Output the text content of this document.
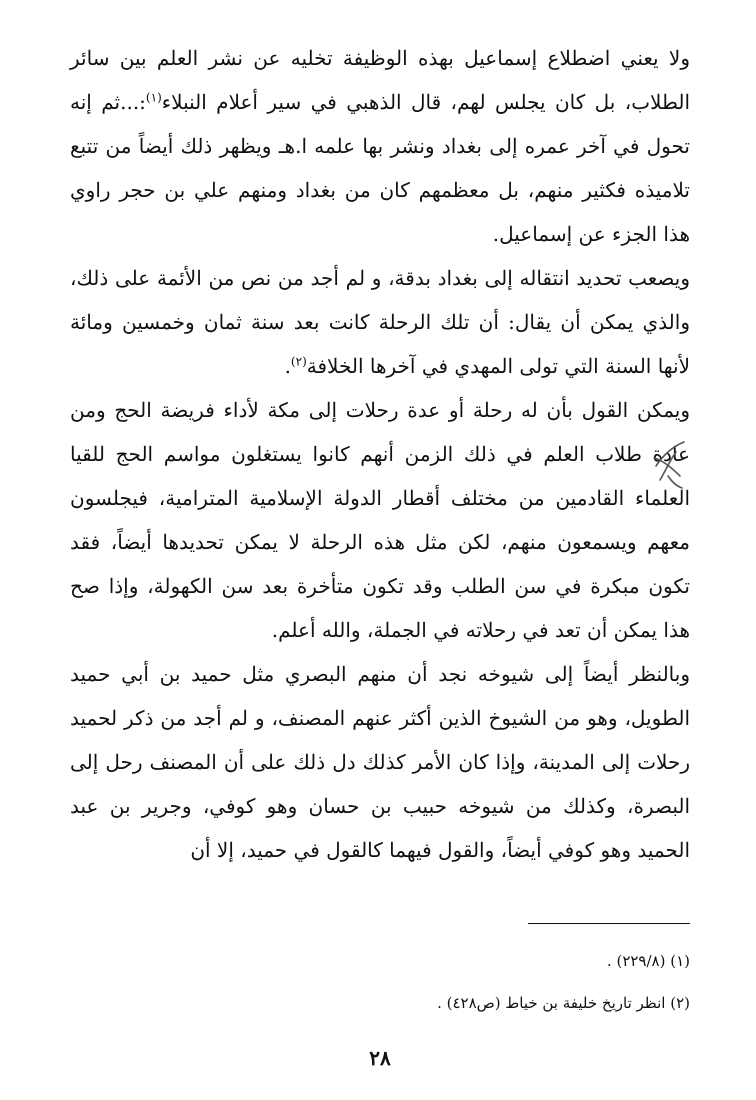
ولا يعني اضطلاع إسماعيل بهذه الوظيفة تخليه عن نشر العلم بين سائر الطلاب، بل كان يجلس لهم، قال الذهبي في سير أعلام النبلاء$^{(١)}$:...ثم إنه تحول في آخر عمره إلى بغداد ونشر بها علمه ا.هـ ويظهر ذلك أيضاً من تتبع تلاميذه فكثير منهم، بل معظمهم كان من بغداد ومنهم علي بن حجر راوي هذا الجزء عن إسماعيل.

ويصعب تحديد انتقاله إلى بغداد بدقة، و لم أجد من نص من الأئمة على ذلك، والذي يمكن أن يقال: أن تلك الرحلة كانت بعد سنة ثمان وخمسين ومائة لأنها السنة التي تولى المهدي في آخرها الخلافة$^{(٢)}$.

ويمكن القول بأن له رحلة أو عدة رحلات إلى مكة لأداء فريضة الحج ومن عادة طلاب العلم في ذلك الزمن أنهم كانوا يستغلون مواسم الحج للقيا العلماء القادمين من مختلف أقطار الدولة الإسلامية المترامية، فيجلسون معهم ويسمعون منهم، لكن مثل هذه الرحلة لا يمكن تحديدها أيضاً، فقد تكون مبكرة في سن الطلب وقد تكون متأخرة بعد سن الكهولة، وإذا صح هذا يمكن أن تعد في رحلاته في الجملة، والله أعلم.

وبالنظر أيضاً إلى شيوخه نجد أن منهم البصري مثل حميد بن أبي حميد الطويل، وهو من الشيوخ الذين أكثر عنهم المصنف، و لم أجد من ذكر لحميد رحلات إلى المدينة، وإذا كان الأمر كذلك دل ذلك على أن المصنف رحل إلى البصرة، وكذلك من شيوخه حبيب بن حسان وهو كوفي، وجرير بن عبد الحميد وهو كوفي أيضاً، والقول فيهما كالقول في حميد، إلا أن

(١) (٢٢٩/٨) .

(٢) انظر تاريخ خليفة بن خياط (ص٤٢٨) .

٢٨
